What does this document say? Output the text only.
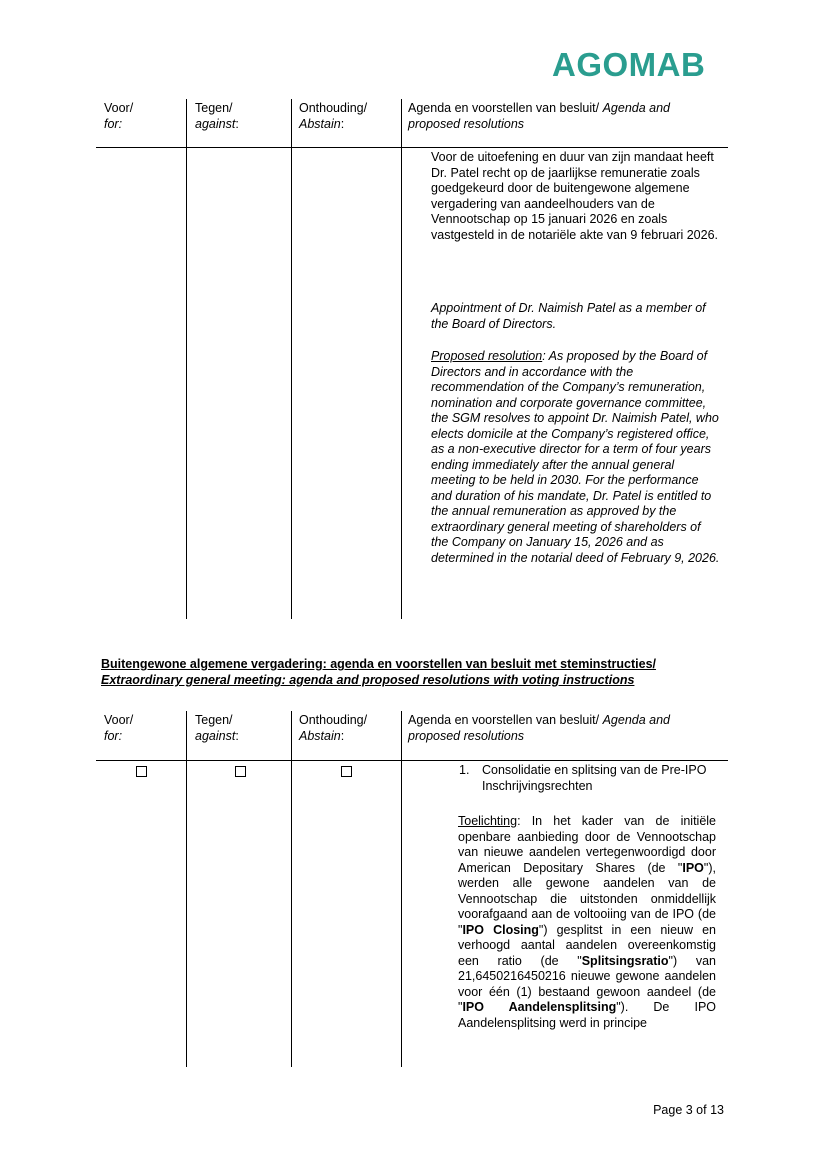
AGOMAB
Voor/
for:
Tegen/
against:
Onthouding/
Abstain:
Agenda en voorstellen van besluit/ Agenda and
proposed resolutions
Voor de uitoefening en duur van zijn mandaat heeft Dr. Patel recht op de jaarlijkse remuneratie zoals goedgekeurd door de buitengewone algemene vergadering van aandeelhouders van de Vennootschap op 15 januari 2026 en zoals vastgesteld in de notariële akte van 9 februari 2026.
Appointment of Dr. Naimish Patel as a member of the Board of Directors.
Proposed resolution: As proposed by the Board of Directors and in accordance with the recommendation of the Company’s remuneration, nomination and corporate governance committee, the SGM resolves to appoint Dr. Naimish Patel, who elects domicile at the Company’s registered office, as a non-executive director for a term of four years ending immediately after the annual general meeting to be held in 2030. For the performance and duration of his mandate, Dr. Patel is entitled to the annual remuneration as approved by the extraordinary general meeting of shareholders of the Company on January 15, 2026 and as determined in the notarial deed of February 9, 2026.
Buitengewone algemene vergadering: agenda en voorstellen van besluit met steminstructies/
Extraordinary general meeting: agenda and proposed resolutions with voting instructions
Voor/
for:
Tegen/
against:
Onthouding/
Abstain:
Agenda en voorstellen van besluit/ Agenda and
proposed resolutions
1. Consolidatie en splitsing van de Pre-IPO Inschrijvingsrechten
Toelichting: In het kader van de initiële openbare aanbieding door de Vennootschap van nieuwe aandelen vertegenwoordigd door American Depositary Shares (de "IPO"), werden alle gewone aandelen van de Vennootschap die uitstonden onmiddellijk voorafgaand aan de voltooiing van de IPO (de "IPO Closing") gesplitst in een nieuw en verhoogd aantal aandelen overeenkomstig een ratio (de "Splitsingsratio") van 21,6450216450216 nieuwe gewone aandelen voor één (1) bestaand gewoon aandeel (de "IPO Aandelensplitsing"). De IPO Aandelensplitsing werd in principe
Page 3 of 13
